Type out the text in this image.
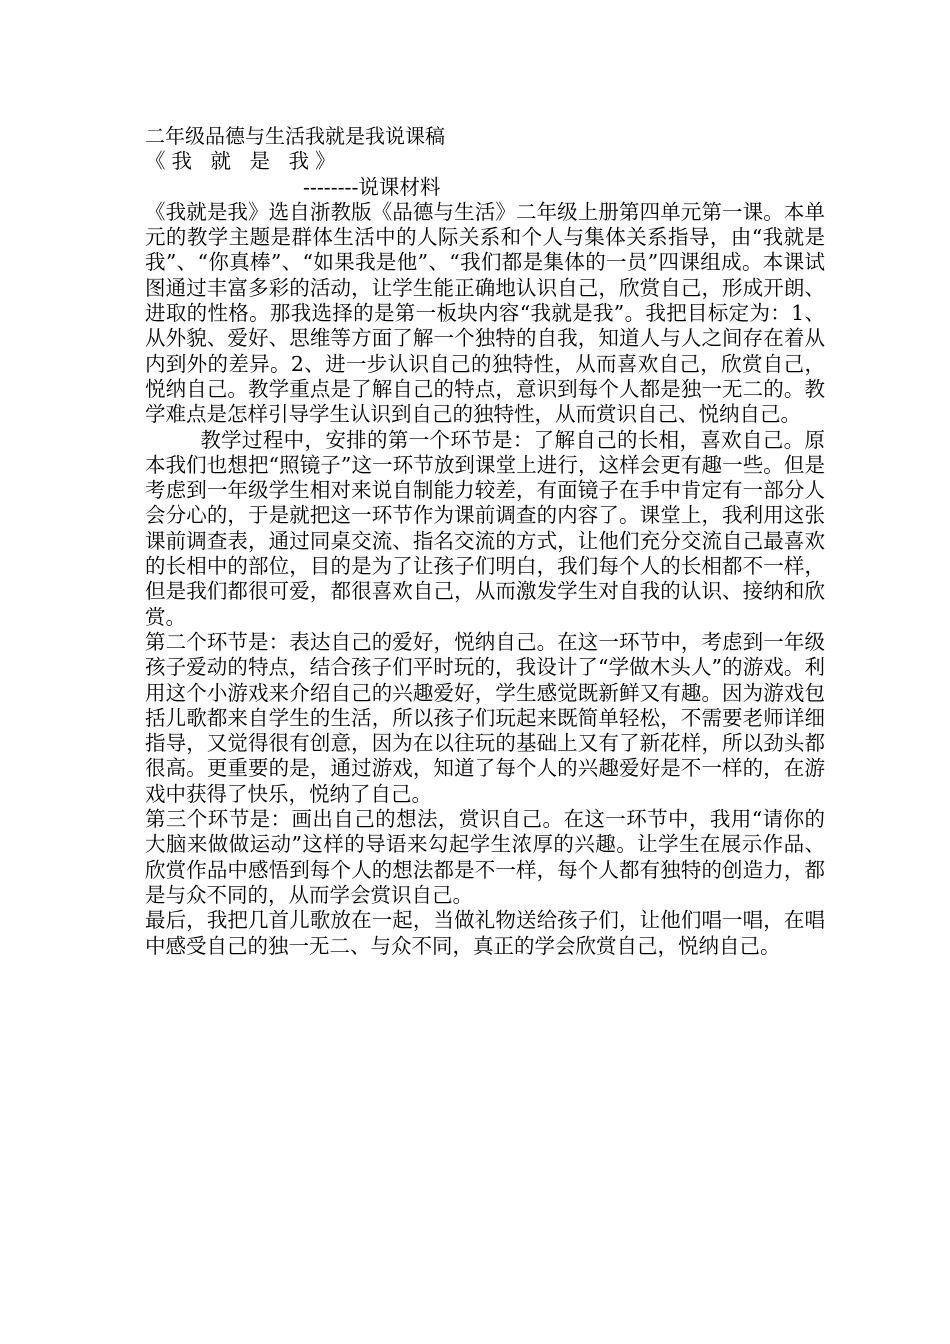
二年级品德与生活我就是我说课稿
《我 就 是 我》
--------说课材料

《我就是我》选自浙教版《品德与生活》二年级上册第四单元第一课。本单元的教学主题是群体生活中的人际关系和个人与集体关系指导，由“我就是我”、“你真棒”、“如果我是他”、“我们都是集体的一员”四课组成。本课试图通过丰富多彩的活动，让学生能正确地认识自己，欣赏自己，形成开朗、进取的性格。那我选择的是第一板块内容“我就是我”。我把目标定为：1、从外貌、爱好、思维等方面了解一个独特的自我，知道人与人之间存在着从内到外的差异。2、进一步认识自己的独特性，从而喜欢自己，欣赏自己，悦纳自己。教学重点是了解自己的特点，意识到每个人都是独一无二的。教学难点是怎样引导学生认识到自己的独特性，从而赏识自己、悦纳自己。

教学过程中，安排的第一个环节是：了解自己的长相，喜欢自己。原本我们也想把“照镜子”这一环节放到课堂上进行，这样会更有趣一些。但是考虑到一年级学生相对来说自制能力较差，有面镜子在手中肯定有一部分人会分心的，于是就把这一环节作为课前调查的内容了。课堂上，我利用这张课前调查表，通过同桌交流、指名交流的方式，让他们充分交流自己最喜欢的长相中的部位，目的是为了让孩子们明白，我们每个人的长相都不一样，但是我们都很可爱，都很喜欢自己，从而激发学生对自我的认识、接纳和欣赏。

第二个环节是：表达自己的爱好，悦纳自己。在这一环节中，考虑到一年级孩子爱动的特点，结合孩子们平时玩的，我设计了“学做木头人”的游戏。利用这个小游戏来介绍自己的兴趣爱好，学生感觉既新鲜又有趣。因为游戏包括儿歌都来自学生的生活，所以孩子们玩起来既简单轻松，不需要老师详细指导，又觉得很有创意，因为在以往玩的基础上又有了新花样，所以劲头都很高。更重要的是，通过游戏，知道了每个人的兴趣爱好是不一样的，在游戏中获得了快乐，悦纳了自己。

第三个环节是：画出自己的想法，赏识自己。在这一环节中，我用“请你的大脑来做做运动”这样的导语来勾起学生浓厚的兴趣。让学生在展示作品、欣赏作品中感悟到每个人的想法都是不一样，每个人都有独特的创造力，都是与众不同的，从而学会赏识自己。

最后，我把几首儿歌放在一起，当做礼物送给孩子们，让他们唱一唱，在唱中感受自己的独一无二、与众不同，真正的学会欣赏自己，悦纳自己。
